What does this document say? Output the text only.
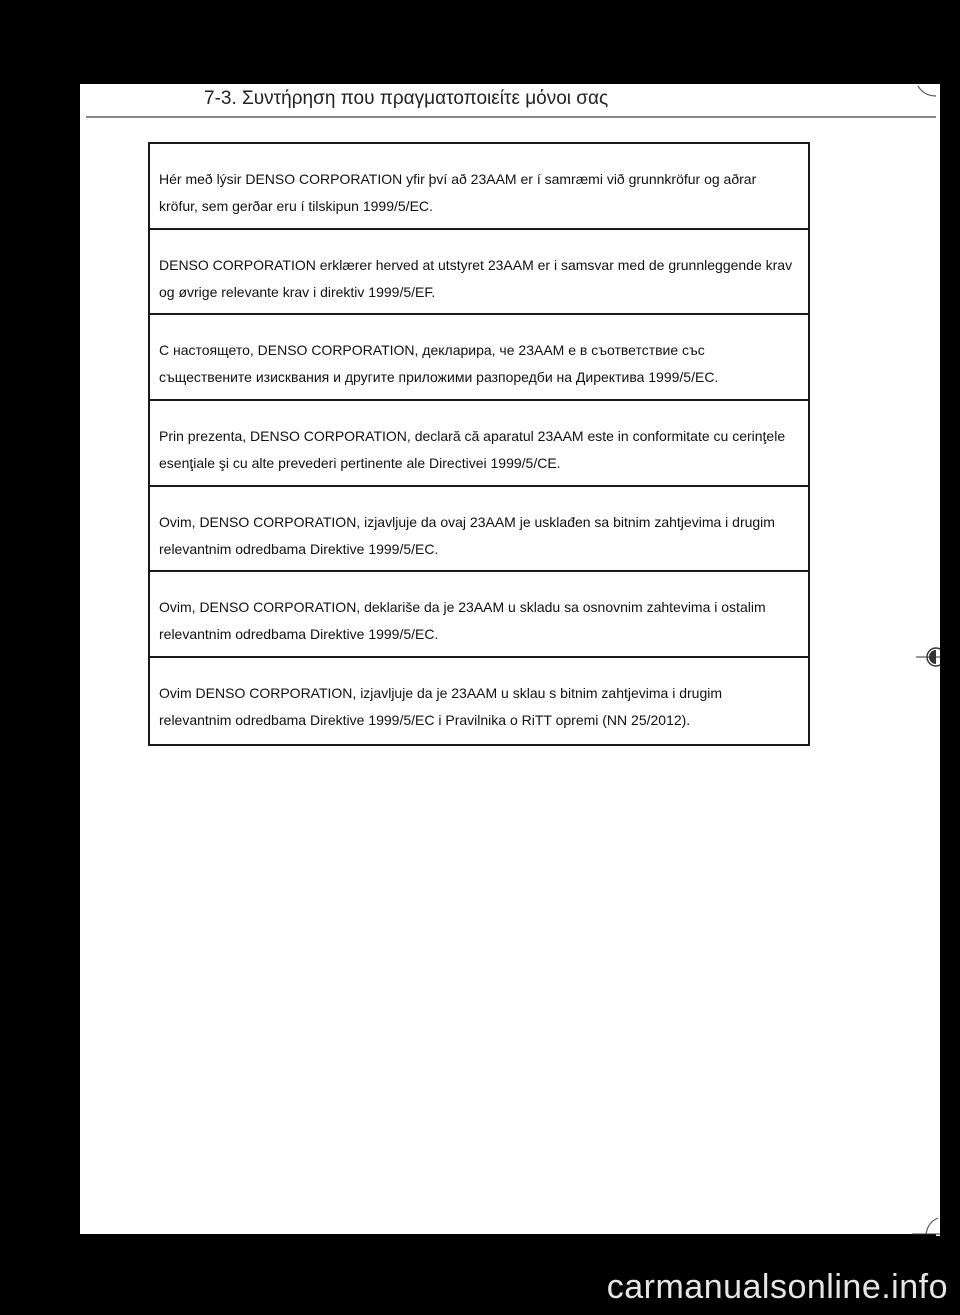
7-3. Συντήρηση που πραγματοποιείτε μόνοι σας
Hér með lýsir DENSO CORPORATION yfir því að 23AAM er í samræmi við grunnkröfur og aðrar kröfur, sem gerðar eru í tilskipun 1999/5/EC.
DENSO CORPORATION erklærer herved at utstyret 23AAM er i samsvar med de grunnleggende krav og øvrige relevante krav i direktiv 1999/5/EF.
С настоящето, DENSO CORPORATION, декларира, че 23AAM е в съответствие със съществените изисквания и другите приложими разпоредби на Директива 1999/5/EC.
Prin prezenta, DENSO CORPORATION, declară că aparatul 23AAM este in conformitate cu cerinţele esenţiale şi cu alte prevederi pertinente ale Directivei 1999/5/CE.
Ovim, DENSO CORPORATION, izjavljuje da ovaj 23AAM je usklađen sa bitnim zahtjevima i drugim relevantnim odredbama Direktive 1999/5/EC.
Ovim, DENSO CORPORATION, deklariše da je 23AAM u skladu sa osnovnim zahtevima i ostalim relevantnim odredbama Direktive 1999/5/EC.
Ovim DENSO CORPORATION, izjavljuje da je 23AAM u sklau s bitnim zahtjevima i drugim relevantnim odredbama Direktive 1999/5/EC i Pravilnika o RiTT opremi (NN 25/2012).
carmanualsonline.info
